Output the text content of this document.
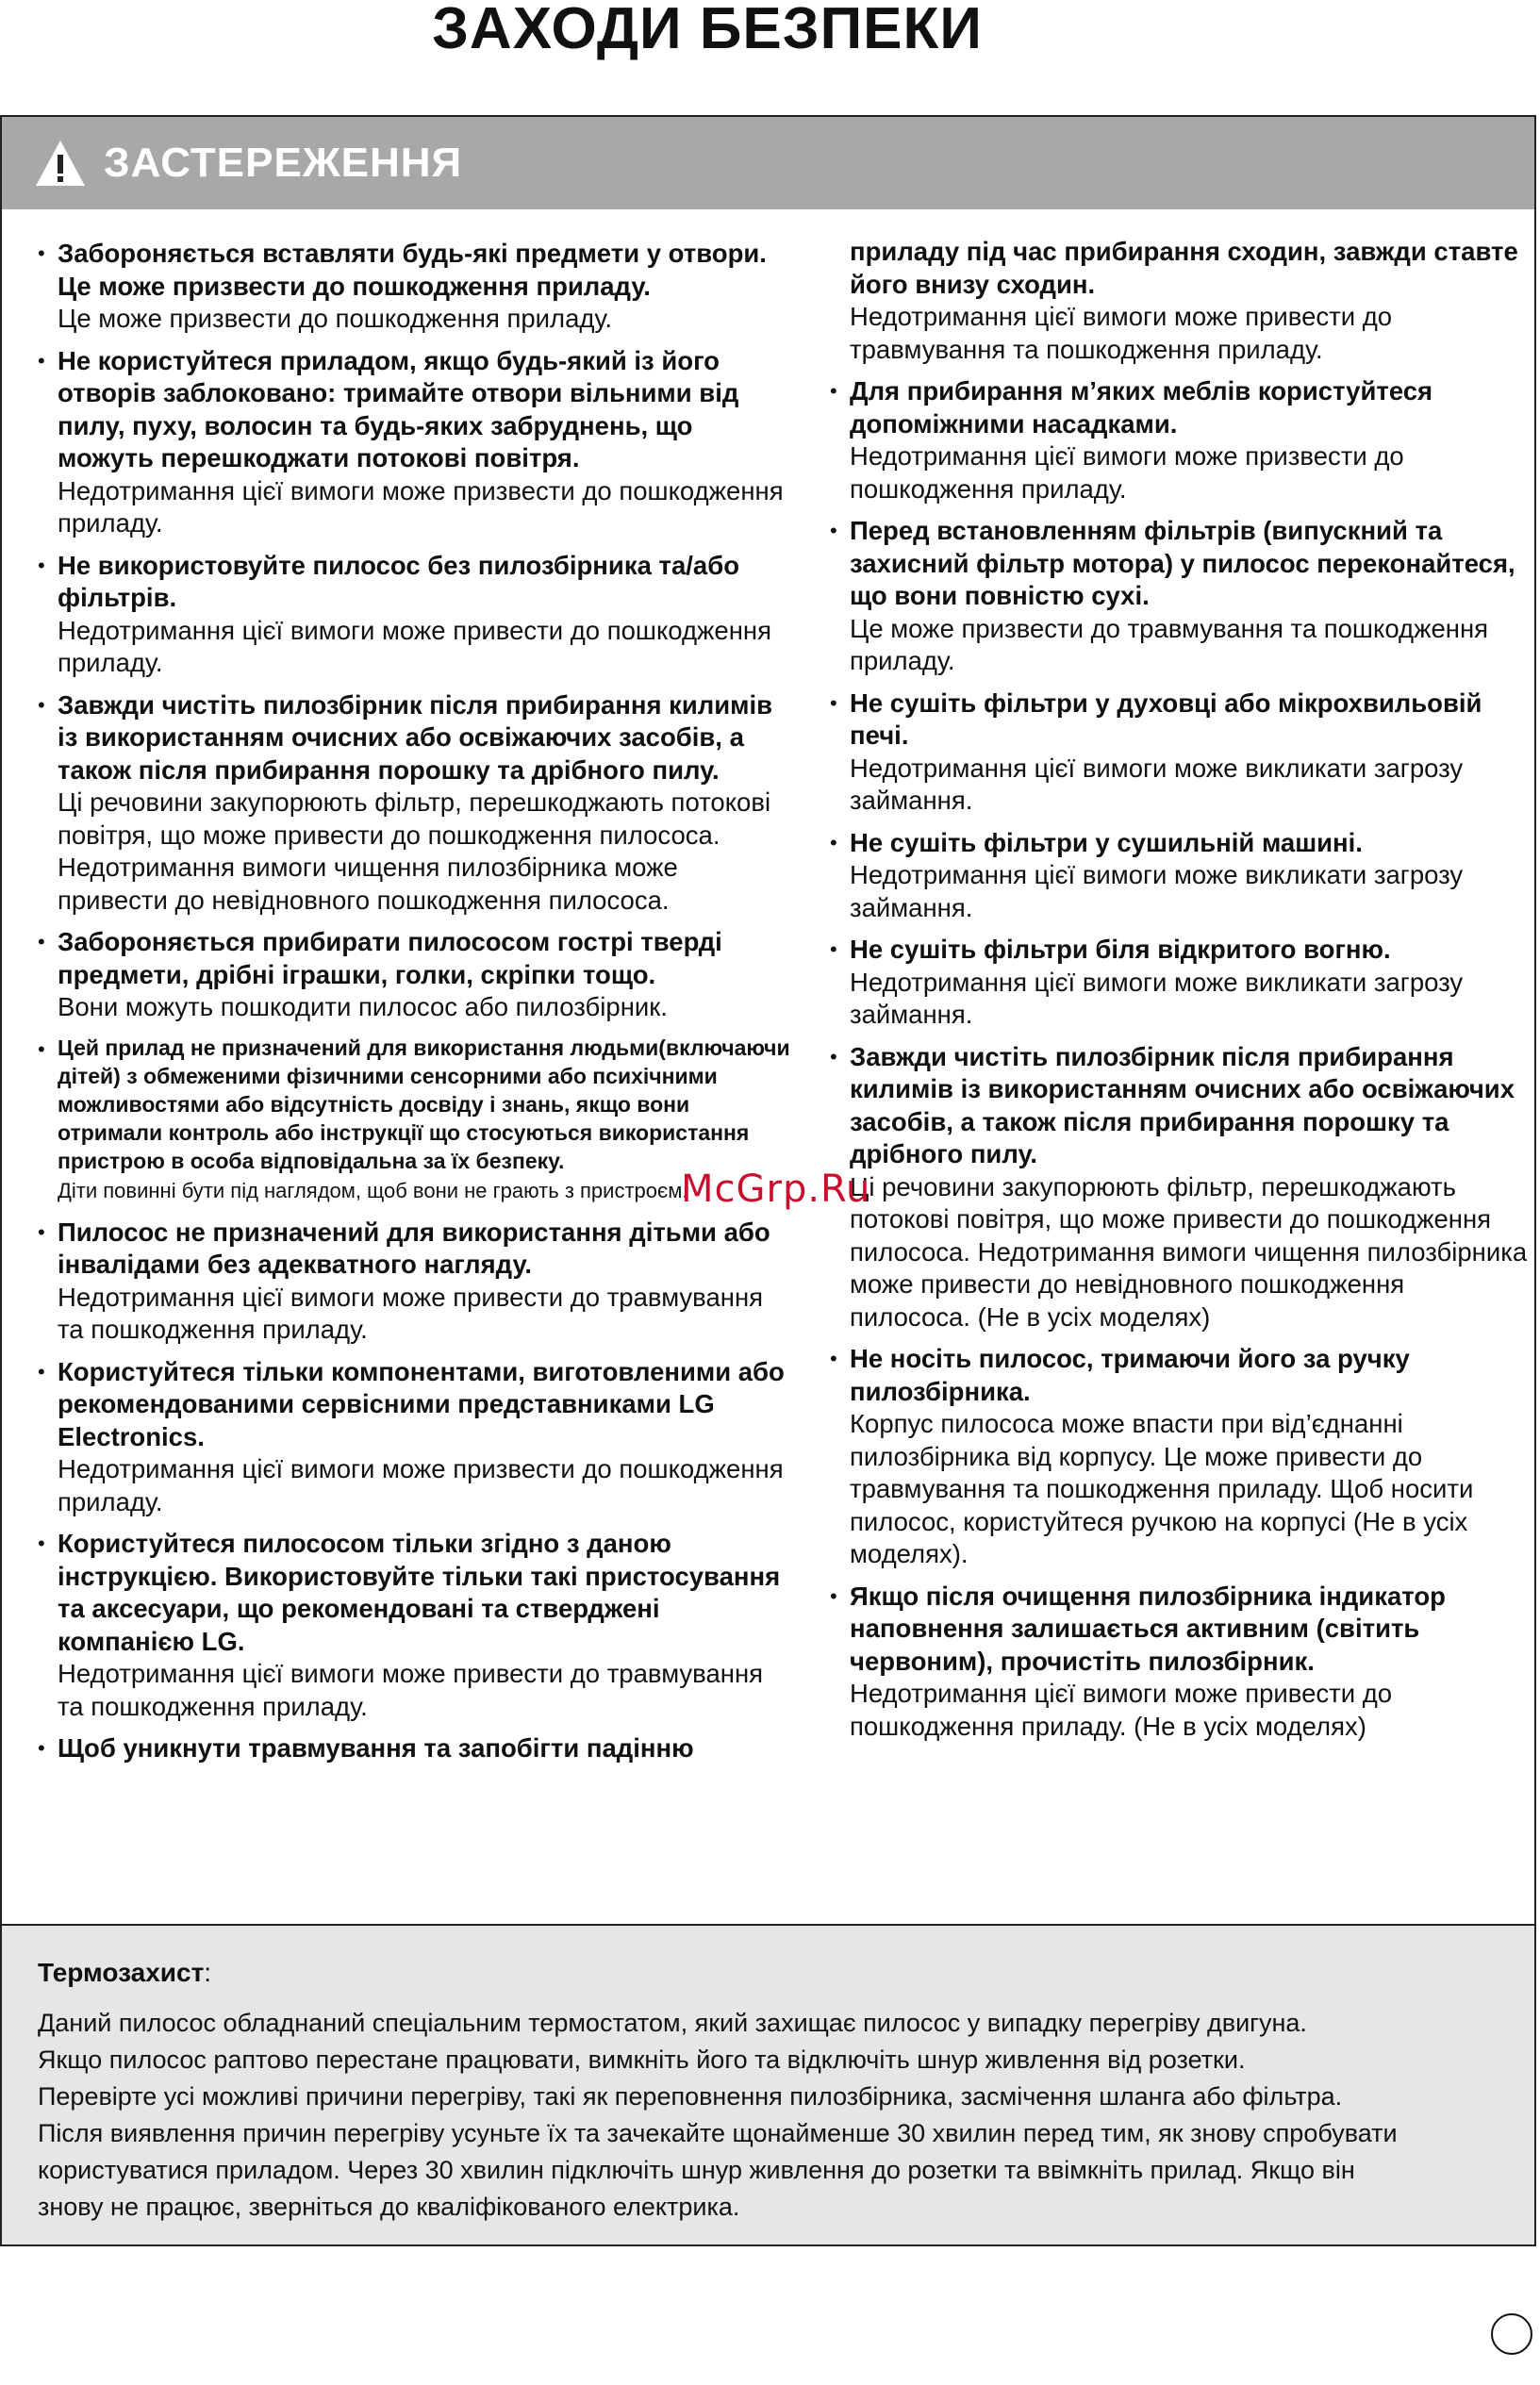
ЗАХОДИ БЕЗПЕКИ
ЗАСТЕРЕЖЕННЯ
• Забороняється вставляти будь-які предмети у отвори. Це може призвести до пошкодження приладу.
Це може призвести до пошкодження приладу.
• Не користуйтеся приладом, якщо будь-який із його отворів заблоковано: тримайте отвори вільними від пилу, пуху, волосин та будь-яких забруднень, що можуть перешкоджати потокові повітря.
Недотримання цієї вимоги може призвести до пошкодження приладу.
• Не використовуйте пилосос без пилозбірника та/або фільтрів.
Недотримання цієї вимоги може привести до пошкодження приладу.
• Завжди чистіть пилозбірник після прибирання килимів із використанням очисних або освіжаючих засобів, а також після прибирання порошку та дрібного пилу.
Ці речовини закупорюють фільтр, перешкоджають потокові повітря, що може привести до пошкодження пилососа. Недотримання вимоги чищення пилозбірника може привести до невідновного пошкодження пилососа.
• Забороняється прибирати пилососом гострі тверді предмети, дрібні іграшки, голки, скріпки тощо.
Вони можуть пошкодити пилосос або пилозбірник.
• Цей прилад не призначений для використання людьми(включаючи дітей) з обмеженими фізичними сенсорними або психічними можливостями або відсутність досвіду і знань, якщо вони отримали контроль або інструкції що стосуються використання пристрою в особа відповідальна за їх безпеку.
Діти повинні бути під наглядом, щоб вони не грають з пристроєм.
• Пилосос не призначений для використання дітьми або інвалідами без адекватного нагляду.
Недотримання цієї вимоги може привести до травмування та пошкодження приладу.
• Користуйтеся тільки компонентами, виготовленими або рекомендованими сервісними представниками LG Electronics.
Недотримання цієї вимоги може призвести до пошкодження приладу.
• Користуйтеся пилососом тільки згідно з даною інструкцією. Використовуйте тільки такі пристосування та аксесуари, що рекомендовані та стверджені компанією LG.
Недотримання цієї вимоги може привести до травмування та пошкодження приладу.
• Щоб уникнути травмування та запобігти падінню
приладу під час прибирання сходин, завжди ставте його внизу сходин.
Недотримання цієї вимоги може привести до травмування та пошкодження приладу.
• Для прибирання м’яких меблів користуйтеся допоміжними насадками.
Недотримання цієї вимоги може призвести до пошкодження приладу.
• Перед встановленням фільтрів (випускний та захисний фільтр мотора) у пилосос переконайтеся, що вони повністю сухі.
Це може призвести до травмування та пошкодження приладу.
• Не сушіть фільтри у духовці або мікрохвильовій печі.
Недотримання цієї вимоги може викликати загрозу займання.
• Не сушіть фільтри у сушильній машині.
Недотримання цієї вимоги може викликати загрозу займання.
• Не сушіть фільтри біля відкритого вогню.
Недотримання цієї вимоги може викликати загрозу займання.
• Завжди чистіть пилозбірник після прибирання килимів із використанням очисних або освіжаючих засобів, а також після прибирання порошку та дрібного пилу.
Ці речовини закупорюють фільтр, перешкоджають потокові повітря, що може привести до пошкодження пилососа. Недотримання вимоги чищення пилозбірника може привести до невідновного пошкодження пилососа. (Не в усіх моделях)
• Не носіть пилосос, тримаючи його за ручку пилозбірника.
Корпус пилососа може впасти при від’єднанні пилозбірника від корпусу. Це може привести до травмування та пошкодження приладу. Щоб носити пилосос, користуйтеся ручкою на корпусі (Не в усіх моделях).
• Якщо після очищення пилозбірника індикатор наповнення залишається активним (світить червоним), прочистіть пилозбірник.
Недотримання цієї вимоги може привести до пошкодження приладу. (Не в усіх моделях)
Термозахист:
Даний пилосос обладнаний спеціальним термостатом, який захищає пилосос у випадку перегріву двигуна.
Якщо пилосос раптово перестане працювати, вимкніть його та відключіть шнур живлення від розетки.
Перевірте усі можливі причини перегріву, такі як переповнення пилозбірника, засмічення шланга або фільтра.
Після виявлення причин перегріву усуньте їх та зачекайте щонайменше 30 хвилин перед тим, як знову спробувати
користуватися приладом. Через 30 хвилин підключіть шнур живлення до розетки та ввімкніть прилад. Якщо він
знову не працює, зверніться до кваліфікованого електрика.
McGrp.Ru
